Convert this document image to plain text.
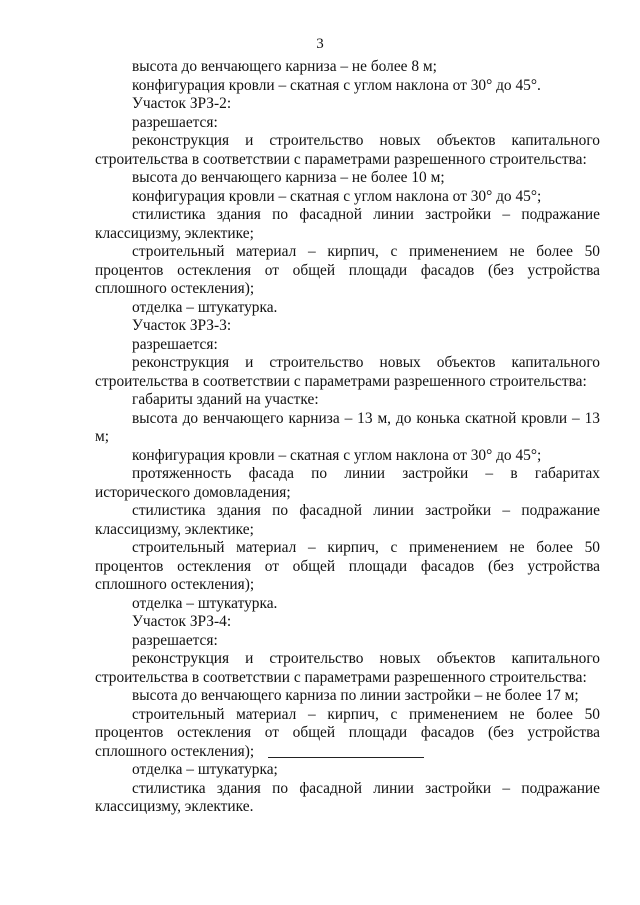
3

высота до венчающего карниза – не более 8 м;

конфигурация кровли – скатная с углом наклона от 30° до 45°.

Участок ЗРЗ-2:

разрешается:

реконструкция и строительство новых объектов капитального строительства в соответствии с параметрами разрешенного строительства:

высота до венчающего карниза – не более 10 м;

конфигурация кровли – скатная с углом наклона от 30° до 45°;

стилистика здания по фасадной линии застройки – подражание классицизму, эклектике;

строительный материал – кирпич, с применением не более 50 процентов остекления от общей площади фасадов (без устройства сплошного остекления);

отделка – штукатурка.

Участок ЗРЗ-3:

разрешается:

реконструкция и строительство новых объектов капитального строительства в соответствии с параметрами разрешенного строительства:

габариты зданий на участке:

высота до венчающего карниза – 13 м, до конька скатной кровли – 13 м;

конфигурация кровли – скатная с углом наклона от 30° до 45°;

протяженность фасада по линии застройки – в габаритах исторического домовладения;

стилистика здания по фасадной линии застройки – подражание классицизму, эклектике;

строительный материал – кирпич, с применением не более 50 процентов остекления от общей площади фасадов (без устройства сплошного остекления);

отделка – штукатурка.

Участок ЗРЗ-4:

разрешается:

реконструкция и строительство новых объектов капитального строительства в соответствии с параметрами разрешенного строительства:

высота до венчающего карниза по линии застройки – не более 17 м;

строительный материал – кирпич, с применением не более 50 процентов остекления от общей площади фасадов (без устройства сплошного остекления);

отделка – штукатурка;

стилистика здания по фасадной линии застройки – подражание классицизму, эклектике.
